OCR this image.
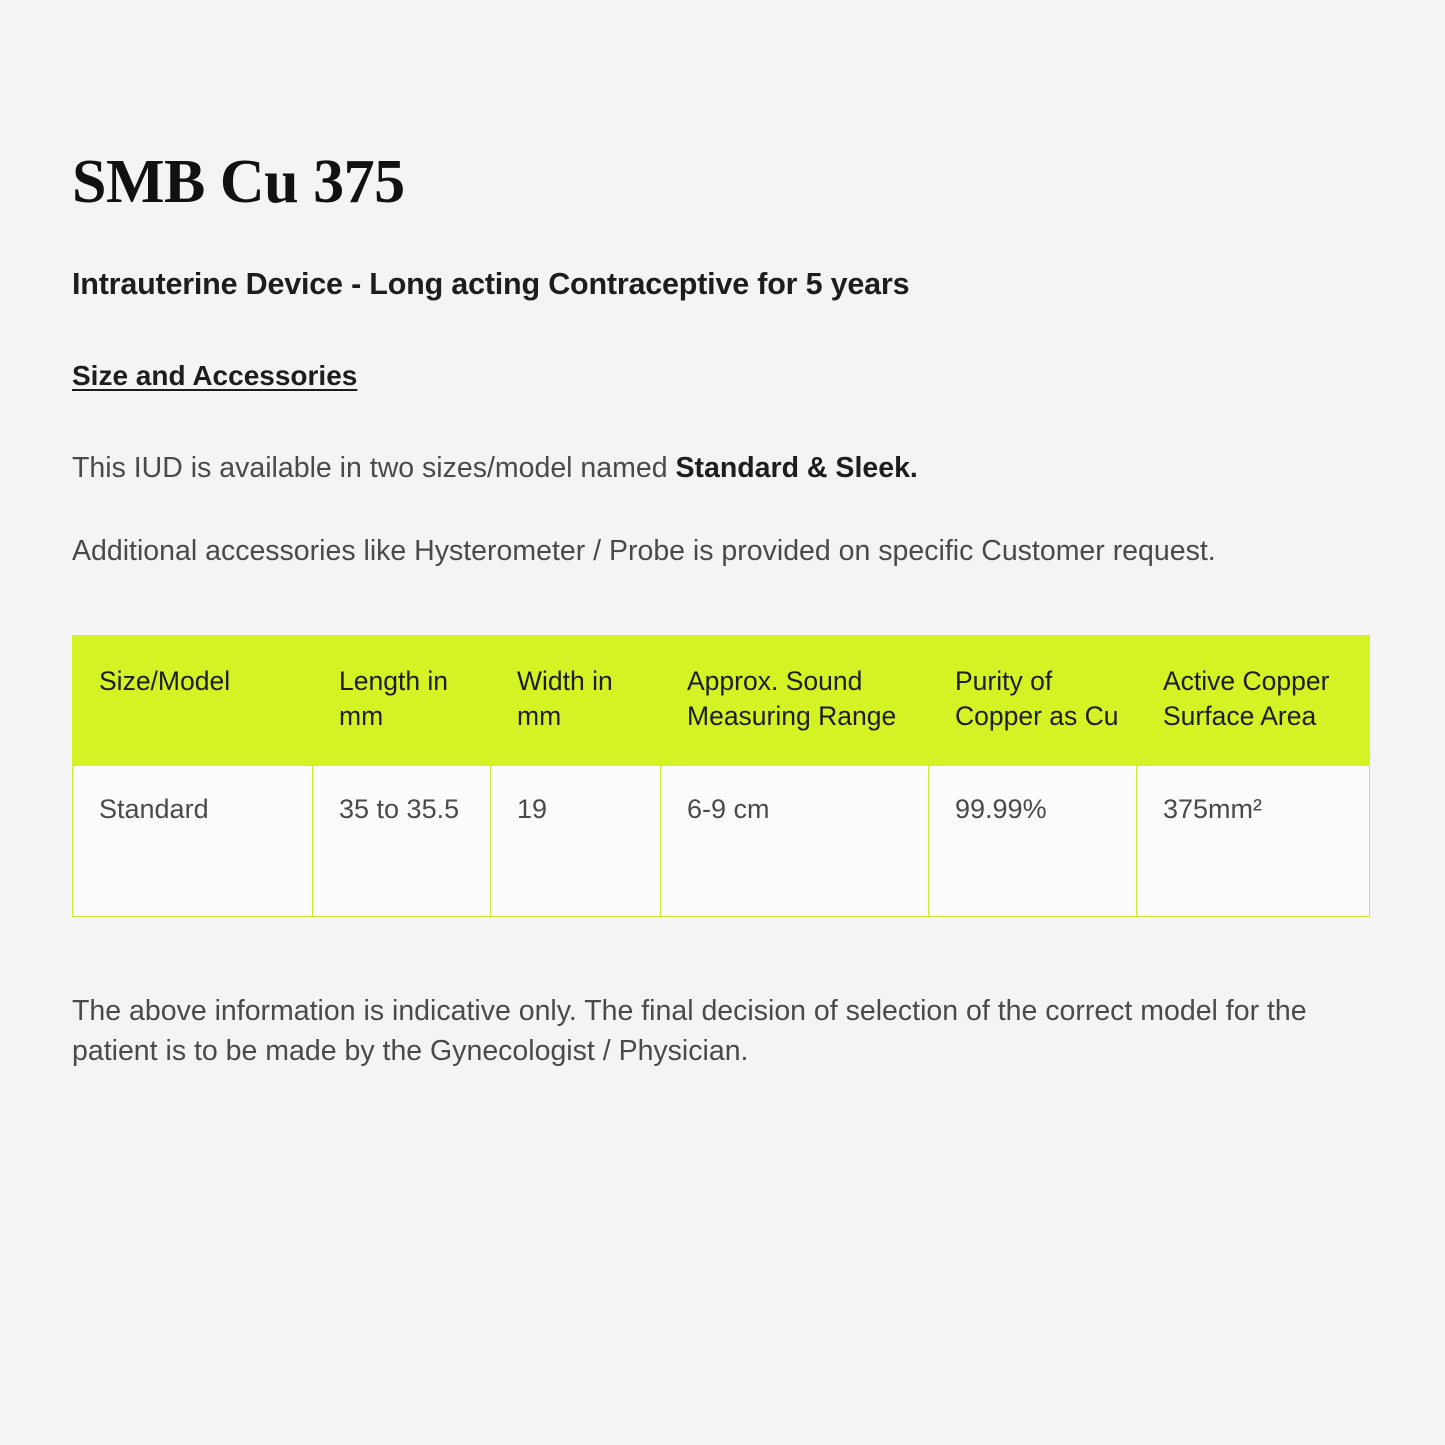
SMB Cu 375
Intrauterine Device - Long acting Contraceptive for 5 years
Size and Accessories

This IUD is available in two sizes/model named Standard & Sleek.

Additional accessories like Hysterometer / Probe is provided on specific Customer request.

Size/Model	Length in mm	Width in mm	Approx. Sound Measuring Range	Purity of Copper as Cu	Active Copper Surface Area
Standard	35 to 35.5	19	6-9 cm	99.99%	375mm²

The above information is indicative only. The final decision of selection of the correct model for the patient is to be made by the Gynecologist / Physician.
